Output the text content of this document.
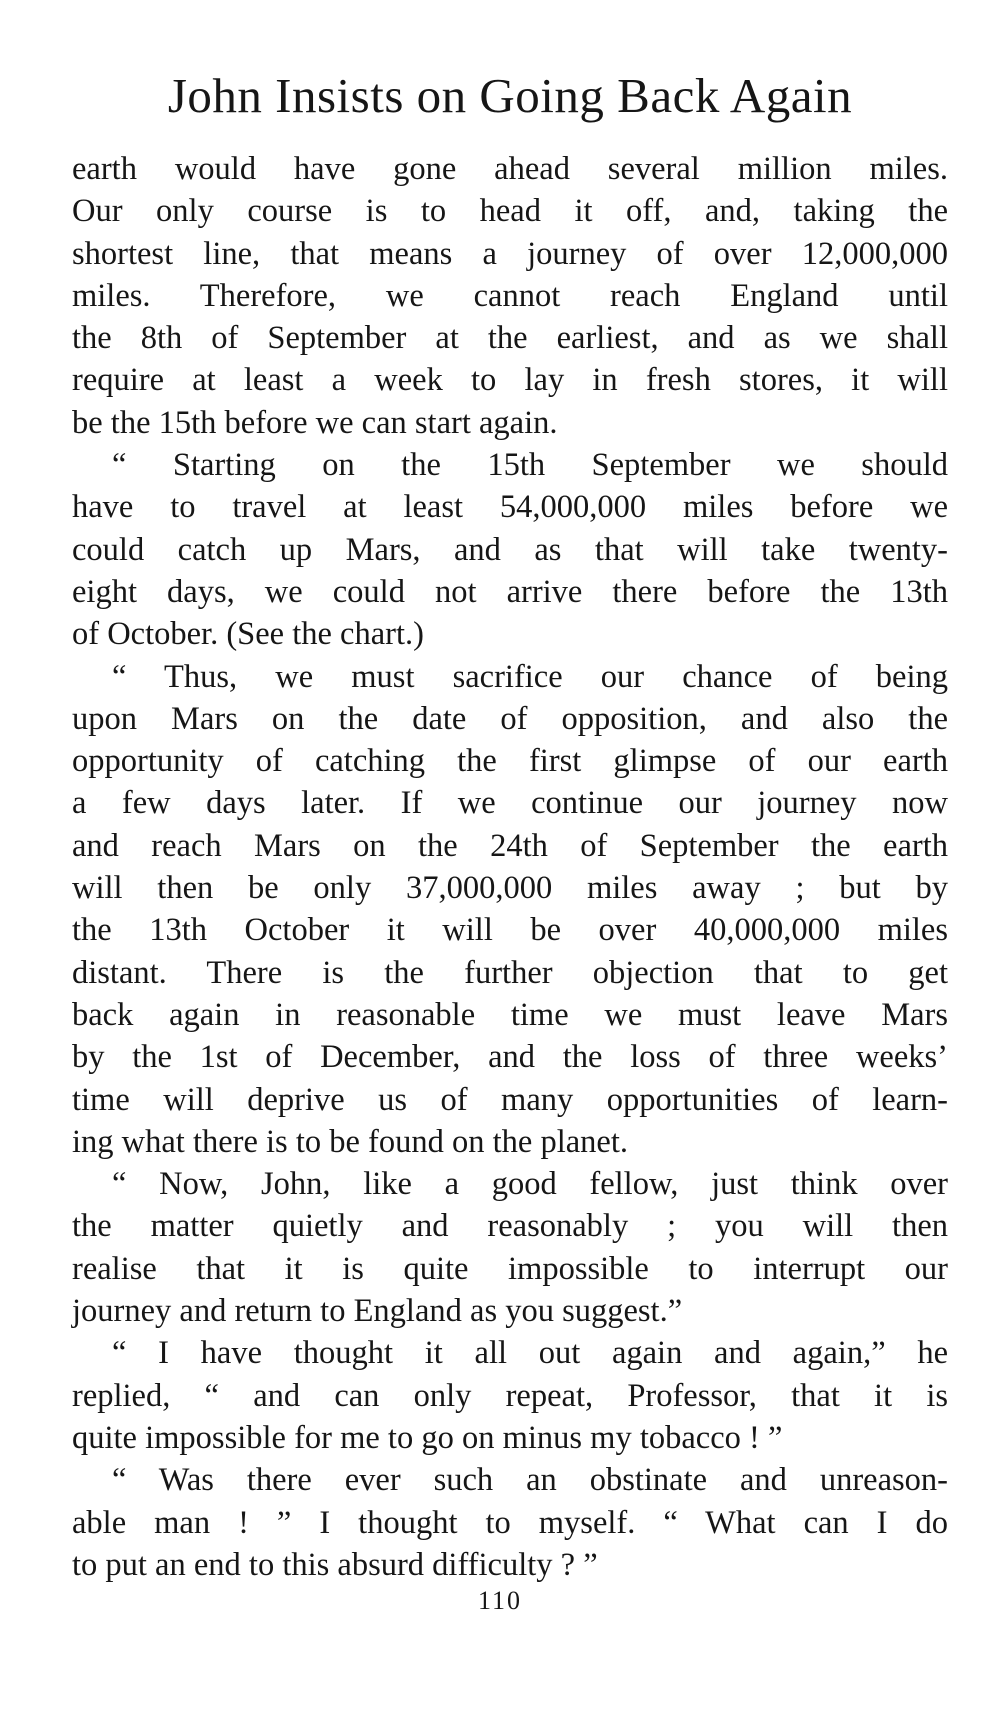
John Insists on Going Back Again
earth would have gone ahead several million miles.
Our only course is to head it off, and, taking the
shortest line, that means a journey of over 12,000,000
miles. Therefore, we cannot reach England until
the 8th of September at the earliest, and as we shall
require at least a week to lay in fresh stores, it will
be the 15th before we can start again.
“ Starting on the 15th September we should
have to travel at least 54,000,000 miles before we
could catch up Mars, and as that will take twenty-
eight days, we could not arrive there before the 13th
of October. (See the chart.)
“ Thus, we must sacrifice our chance of being
upon Mars on the date of opposition, and also the
opportunity of catching the first glimpse of our earth
a few days later. If we continue our journey now
and reach Mars on the 24th of September the earth
will then be only 37,000,000 miles away ; but by
the 13th October it will be over 40,000,000 miles
distant. There is the further objection that to get
back again in reasonable time we must leave Mars
by the 1st of December, and the loss of three weeks’
time will deprive us of many opportunities of learn-
ing what there is to be found on the planet.
“ Now, John, like a good fellow, just think over
the matter quietly and reasonably ; you will then
realise that it is quite impossible to interrupt our
journey and return to England as you suggest.”
“ I have thought it all out again and again,” he
replied, “ and can only repeat, Professor, that it is
quite impossible for me to go on minus my tobacco ! ”
“ Was there ever such an obstinate and unreason-
able man ! ” I thought to myself. “ What can I do
to put an end to this absurd difficulty ? ”
110
